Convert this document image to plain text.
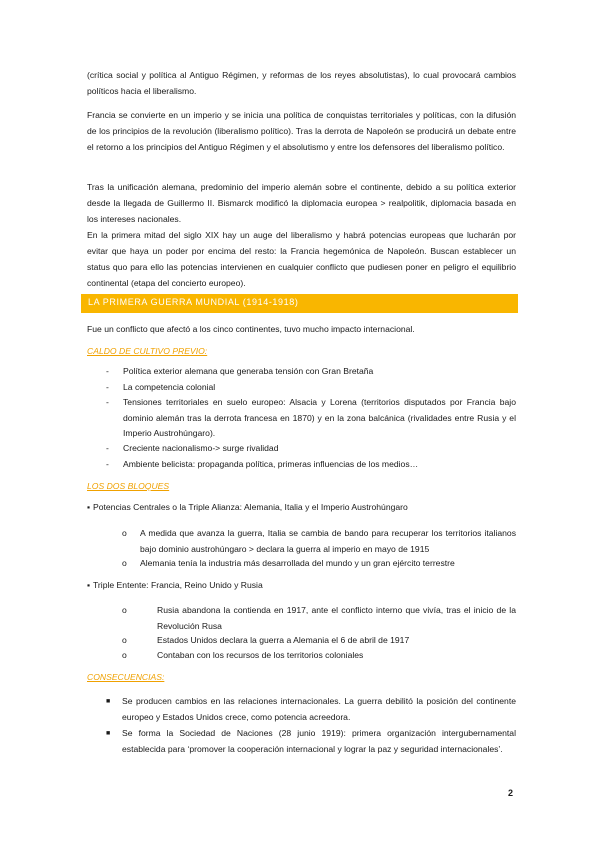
(crítica social y política al Antiguo Régimen, y reformas de los reyes absolutistas), lo cual provocará cambios políticos hacia el liberalismo.

Francia se convierte en un imperio y se inicia una política de conquistas territoriales y políticas, con la difusión de los principios de la revolución (liberalismo político). Tras la derrota de Napoleón se producirá un debate entre el retorno a los principios del Antiguo Régimen y el absolutismo y entre los defensores del liberalismo político.

Tras la unificación alemana, predominio del imperio alemán sobre el continente, debido a su política exterior desde la llegada de Guillermo II. Bismarck modificó la diplomacia europea > realpolitik, diplomacia basada en los intereses nacionales.

En la primera mitad del siglo XIX hay un auge del liberalismo y habrá potencias europeas que lucharán por evitar que haya un poder por encima del resto: la Francia hegemónica de Napoleón. Buscan establecer un status quo para ello las potencias intervienen en cualquier conflicto que pudiesen poner en peligro el equilibrio continental (etapa del concierto europeo).

LA PRIMERA GUERRA MUNDIAL (1914-1918)

Fue un conflicto que afectó a los cinco continentes, tuvo mucho impacto internacional.

CALDO DE CULTIVO PREVIO:

-	Política exterior alemana que generaba tensión con Gran Bretaña
-	La competencia colonial
-	Tensiones territoriales en suelo europeo: Alsacia y Lorena (territorios disputados por Francia bajo dominio alemán tras la derrota francesa en 1870) y en la zona balcánica (rivalidades entre Rusia y el Imperio Austrohúngaro).
-	Creciente nacionalismo-> surge rivalidad
-	Ambiente belicista: propaganda política, primeras influencias de los medios…

LOS DOS BLOQUES

▪ Potencias Centrales o la Triple Alianza: Alemania, Italia y el Imperio Austrohúngaro
o	A medida que avanza la guerra, Italia se cambia de bando para recuperar los territorios italianos bajo dominio austrohúngaro > declara la guerra al imperio en mayo de 1915
o	Alemania tenía la industria más desarrollada del mundo y un gran ejército terrestre
▪ Triple Entente: Francia, Reino Unido y Rusia
o	Rusia abandona la contienda en 1917, ante el conflicto interno que vivía, tras el inicio de la Revolución Rusa
o	Estados Unidos declara la guerra a Alemania el 6 de abril de 1917
o	Contaban con los recursos de los territorios coloniales

CONSECUENCIAS:

■	Se producen cambios en las relaciones internacionales. La guerra debilitó la posición del continente europeo y Estados Unidos crece, como potencia acreedora.
■	Se forma la Sociedad de Naciones (28 junio 1919): primera organización intergubernamental establecida para ‘promover la cooperación internacional y lograr la paz y seguridad internacionales’.
2
